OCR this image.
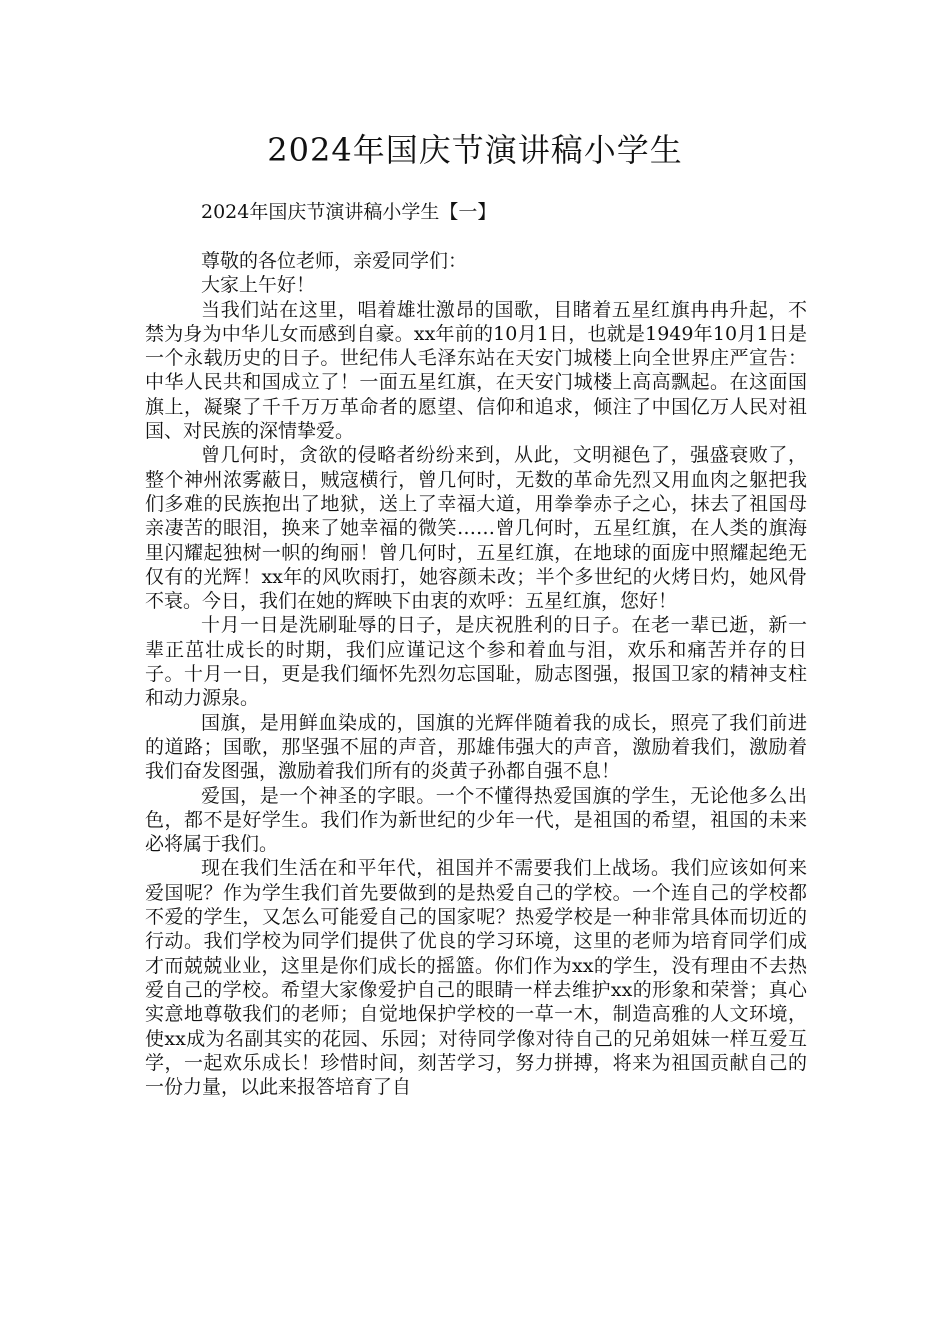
2024年国庆节演讲稿小学生

2024年国庆节演讲稿小学生【一】

尊敬的各位老师，亲爱同学们：

大家上午好！

当我们站在这里，唱着雄壮激昂的国歌，目睹着五星红旗冉冉升起，不禁为身为中华儿女而感到自豪。xx年前的10月1日，也就是1949年10月1日是一个永载历史的日子。世纪伟人毛泽东站在天安门城楼上向全世界庄严宣告：中华人民共和国成立了！一面五星红旗，在天安门城楼上高高飘起。在这面国旗上，凝聚了千千万万革命者的愿望、信仰和追求，倾注了中国亿万人民对祖国、对民族的深情挚爱。

曾几何时，贪欲的侵略者纷纷来到，从此，文明褪色了，强盛衰败了，整个神州浓雾蔽日，贼寇横行，曾几何时，无数的革命先烈又用血肉之躯把我们多难的民族抱出了地狱，送上了幸福大道，用拳拳赤子之心，抹去了祖国母亲凄苦的眼泪，换来了她幸福的微笑……曾几何时，五星红旗，在人类的旗海里闪耀起独树一帜的绚丽！曾几何时，五星红旗，在地球的面庞中照耀起绝无仅有的光辉！xx年的风吹雨打，她容颜未改；半个多世纪的火烤日灼，她风骨不衰。今日，我们在她的辉映下由衷的欢呼：五星红旗，您好！

十月一日是洗刷耻辱的日子，是庆祝胜利的日子。在老一辈已逝，新一辈正茁壮成长的时期，我们应谨记这个参和着血与泪，欢乐和痛苦并存的日子。十月一日，更是我们缅怀先烈勿忘国耻，励志图强，报国卫家的精神支柱和动力源泉。

国旗，是用鲜血染成的，国旗的光辉伴随着我的成长，照亮了我们前进的道路；国歌，那坚强不屈的声音，那雄伟强大的声音，激励着我们，激励着我们奋发图强，激励着我们所有的炎黄子孙都自强不息！

爱国，是一个神圣的字眼。一个不懂得热爱国旗的学生，无论他多么出色，都不是好学生。我们作为新世纪的少年一代，是祖国的希望，祖国的未来必将属于我们。

现在我们生活在和平年代，祖国并不需要我们上战场。我们应该如何来爱国呢？作为学生我们首先要做到的是热爱自己的学校。一个连自己的学校都不爱的学生，又怎么可能爱自己的国家呢？热爱学校是一种非常具体而切近的行动。我们学校为同学们提供了优良的学习环境，这里的老师为培育同学们成才而兢兢业业，这里是你们成长的摇篮。你们作为xx的学生，没有理由不去热爱自己的学校。希望大家像爱护自己的眼睛一样去维护xx的形象和荣誉；真心实意地尊敬我们的老师；自觉地保护学校的一草一木，制造高雅的人文环境，使xx成为名副其实的花园、乐园；对待同学像对待自己的兄弟姐妹一样互爱互学，一起欢乐成长！珍惜时间，刻苦学习，努力拼搏，将来为祖国贡献自己的一份力量，以此来报答培育了自
